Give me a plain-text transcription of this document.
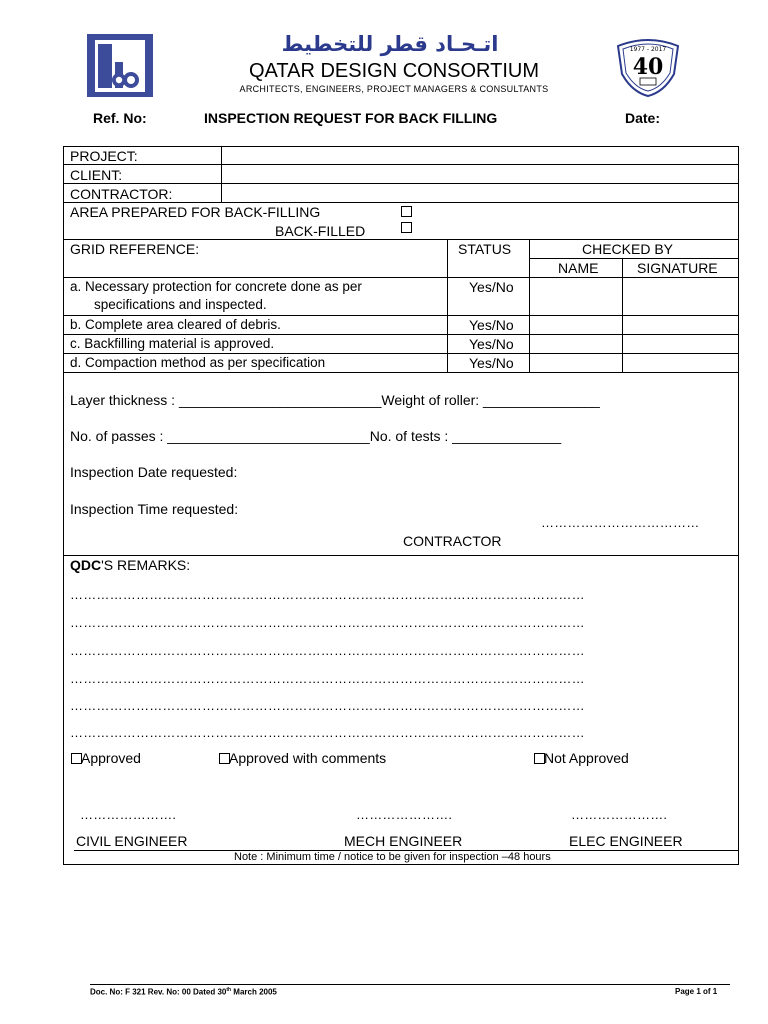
اتـحـاد قطر للتخطيط
QATAR DESIGN CONSORTIUM
ARCHITECTS, ENGINEERS, PROJECT MANAGERS & CONSULTANTS
1977 - 2017
40
Ref. No:	INSPECTION REQUEST FOR BACK FILLING	Date:
PROJECT:
CLIENT:
CONTRACTOR:
AREA PREPARED FOR BACK-FILLING
BACK-FILLED
GRID REFERENCE:	STATUS	CHECKED BY
NAME	SIGNATURE
a. Necessary protection for concrete done as per
specifications and inspected.
Yes/No
b. Complete area cleared of debris.	Yes/No
c. Backfilling material is approved.	Yes/No
d. Compaction method as per specification	Yes/No
Layer thickness : __________________________Weight of roller: _______________
No. of passes : __________________________No. of tests : ______________
Inspection Date requested:
Inspection Time requested:
………………………………
CONTRACTOR
QDC'S REMARKS:
………………………………………………………………………………………………………
………………………………………………………………………………………………………
………………………………………………………………………………………………………
………………………………………………………………………………………………………
………………………………………………………………………………………………………
………………………………………………………………………………………………………
Approved	Approved with comments	Not Approved
………………….	………………….	………………….
CIVIL ENGINEER	MECH ENGINEER	ELEC ENGINEER
Note : Minimum time / notice to be given for inspection –48 hours
Doc. No: F 321 Rev. No: 00 Dated 30th March 2005	Page 1 of 1
